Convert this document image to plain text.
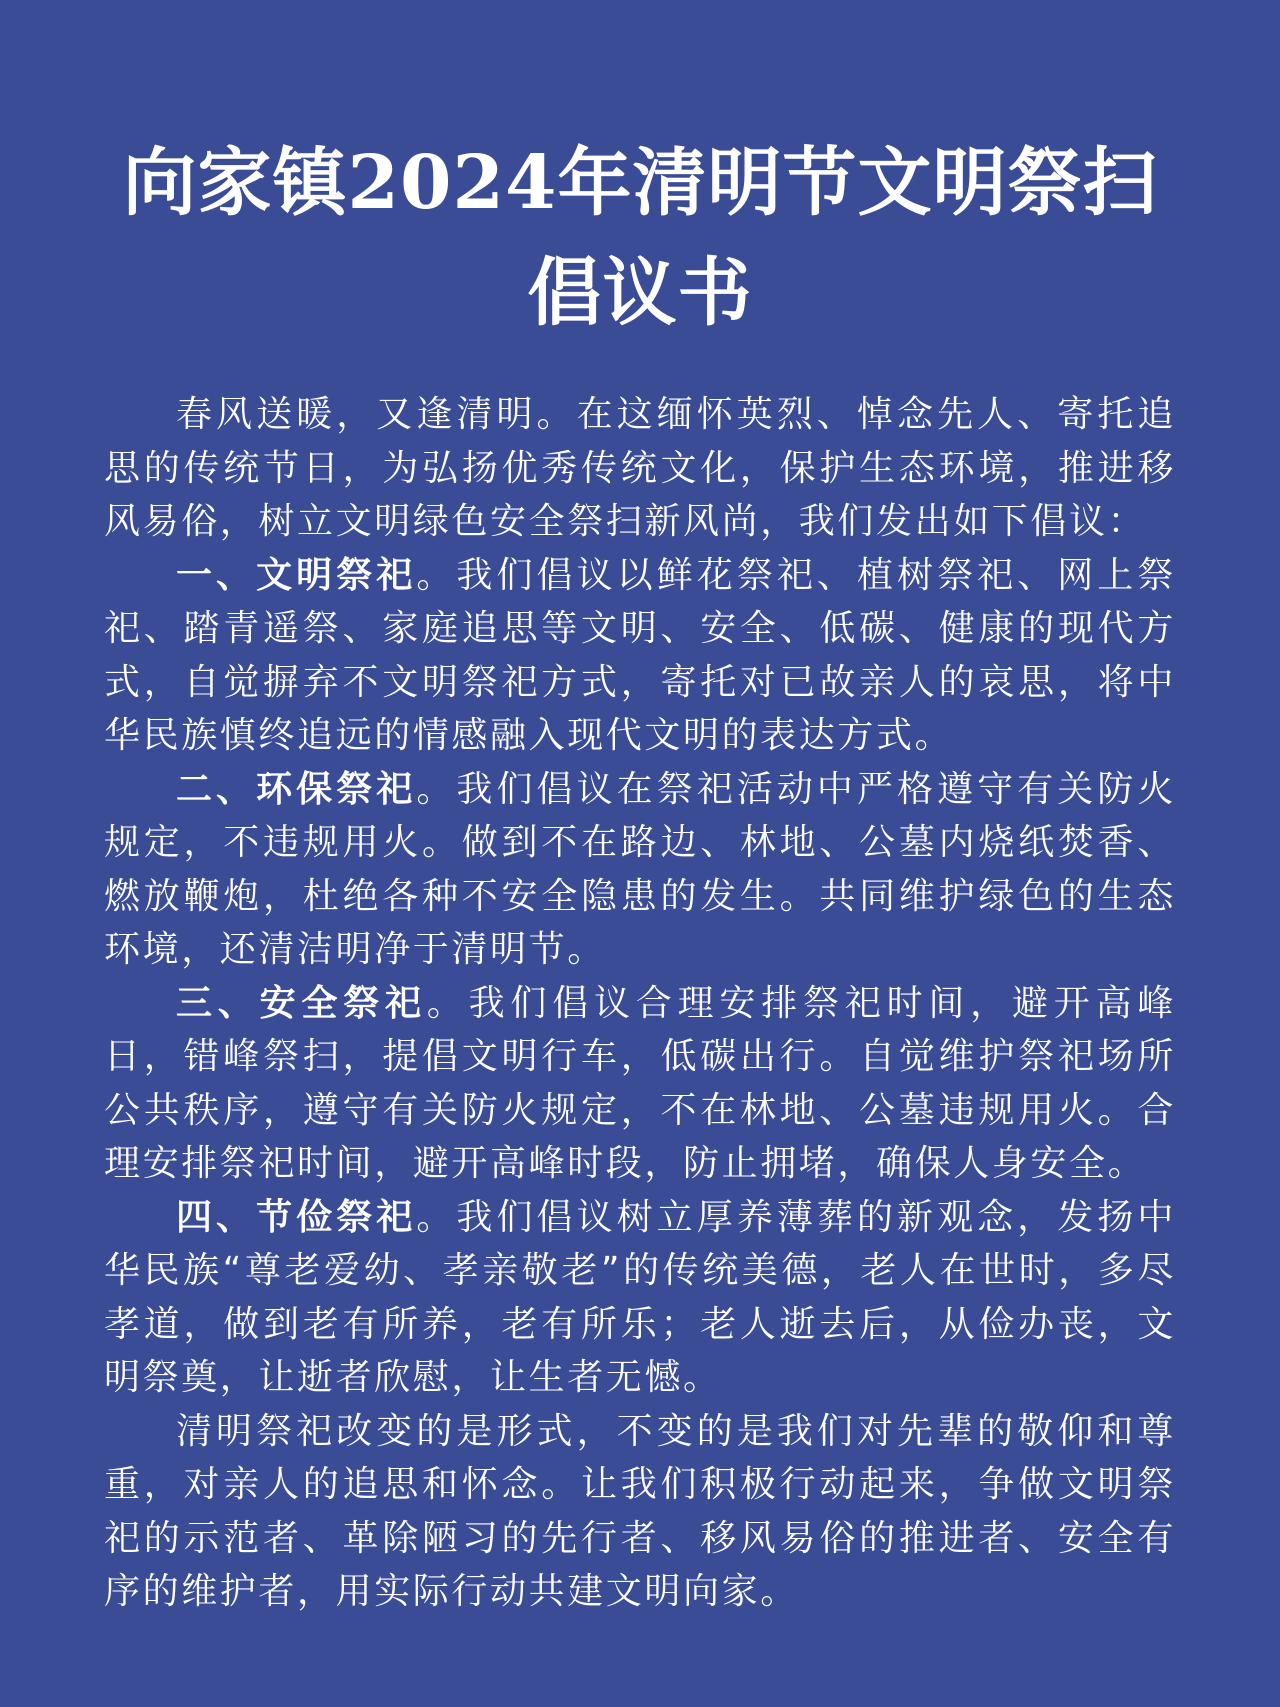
向家镇2024年清明节文明祭扫
倡议书

春风送暖，又逢清明。在这缅怀英烈、悼念先人、寄托追思的传统节日，为弘扬优秀传统文化，保护生态环境，推进移风易俗，树立文明绿色安全祭扫新风尚，我们发出如下倡议：

一、文明祭祀。我们倡议以鲜花祭祀、植树祭祀、网上祭祀、踏青遥祭、家庭追思等文明、安全、低碳、健康的现代方式，自觉摒弃不文明祭祀方式，寄托对已故亲人的哀思，将中华民族慎终追远的情感融入现代文明的表达方式。

二、环保祭祀。我们倡议在祭祀活动中严格遵守有关防火规定，不违规用火。做到不在路边、林地、公墓内烧纸焚香、燃放鞭炮，杜绝各种不安全隐患的发生。共同维护绿色的生态环境，还清洁明净于清明节。

三、安全祭祀。我们倡议合理安排祭祀时间，避开高峰日，错峰祭扫，提倡文明行车，低碳出行。自觉维护祭祀场所公共秩序，遵守有关防火规定，不在林地、公墓违规用火。合理安排祭祀时间，避开高峰时段，防止拥堵，确保人身安全。

四、节俭祭祀。我们倡议树立厚养薄葬的新观念，发扬中华民族“尊老爱幼、孝亲敬老”的传统美德，老人在世时，多尽孝道，做到老有所养，老有所乐；老人逝去后，从俭办丧，文明祭奠，让逝者欣慰，让生者无憾。

清明祭祀改变的是形式，不变的是我们对先辈的敬仰和尊重，对亲人的追思和怀念。让我们积极行动起来，争做文明祭祀的示范者、革除陋习的先行者、移风易俗的推进者、安全有序的维护者，用实际行动共建文明向家。
